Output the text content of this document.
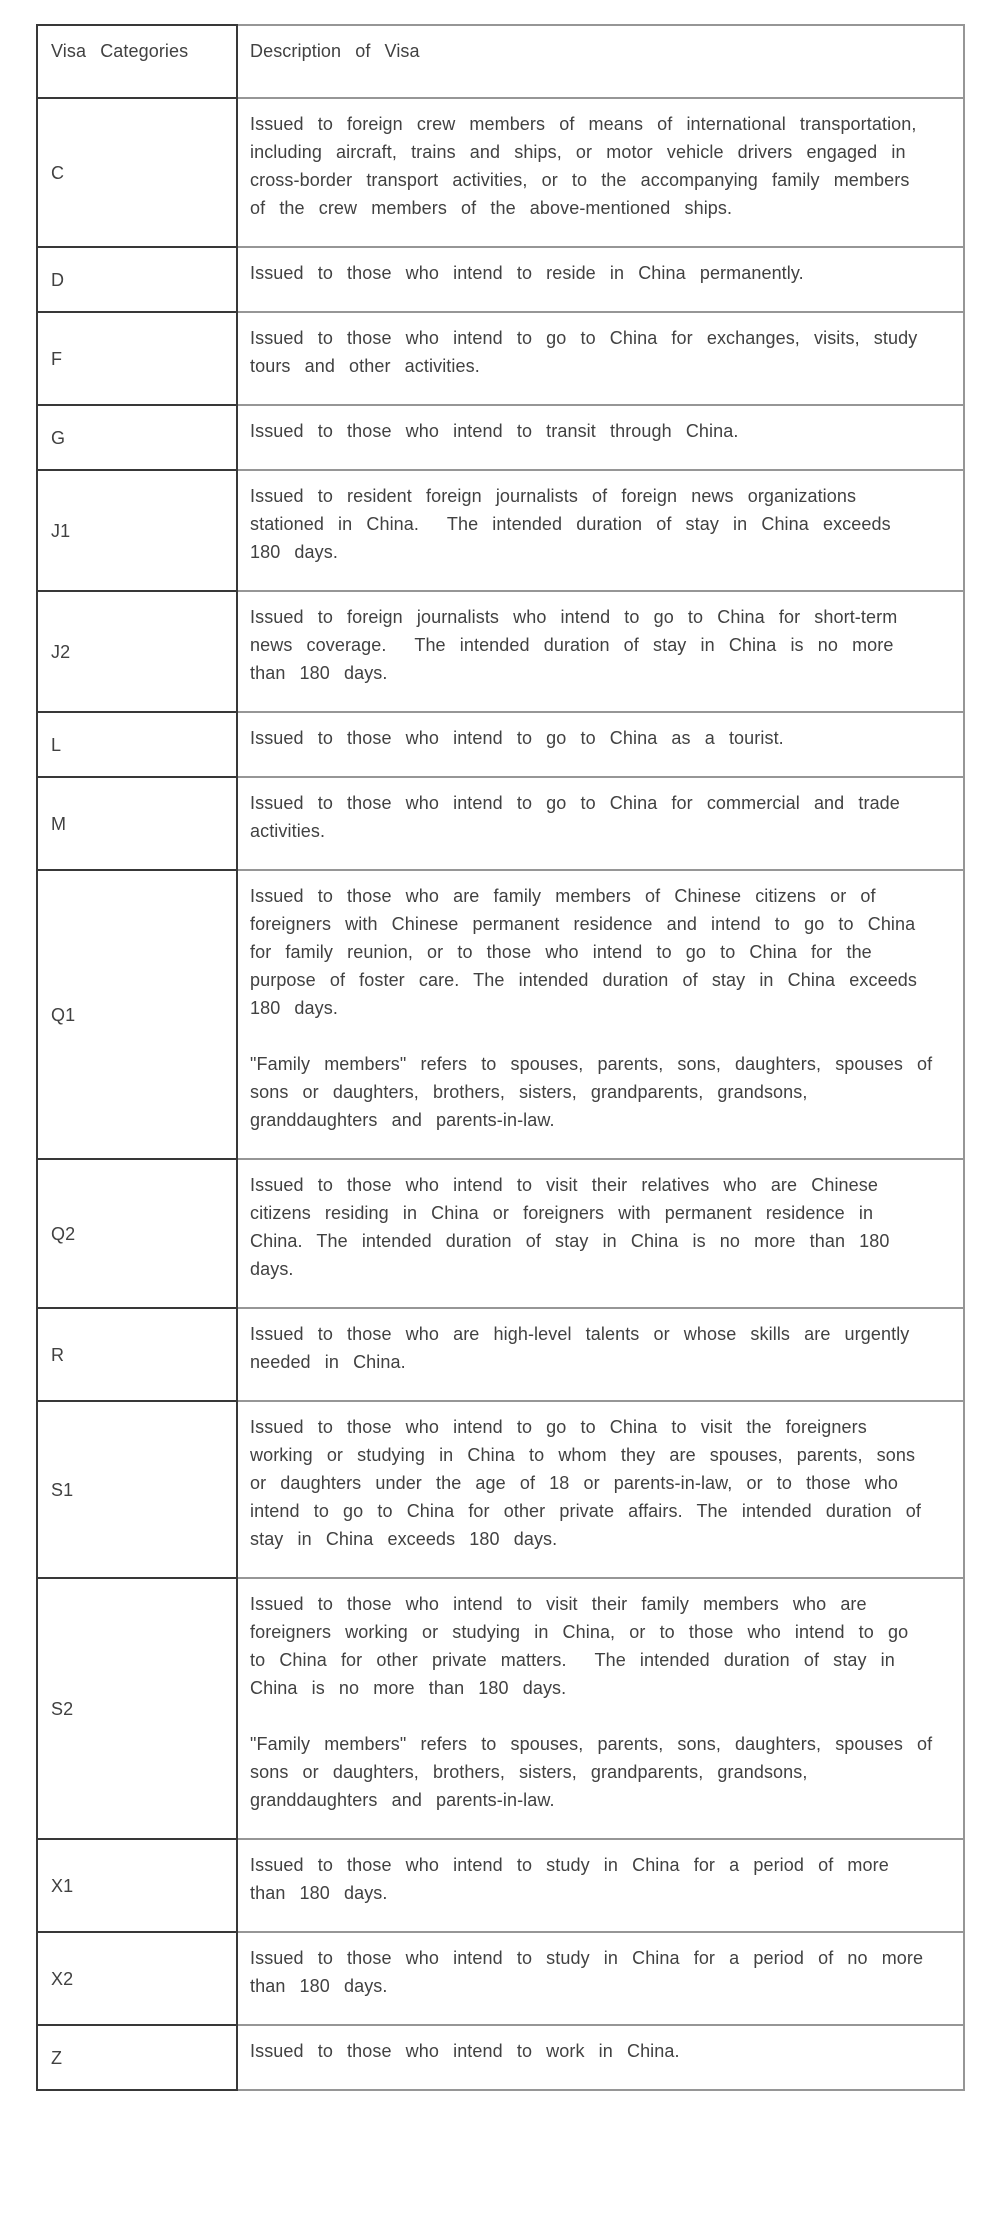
Visa Categories	Description of Visa
C	Issued to foreign crew members of means of international transportation, including aircraft, trains and ships, or motor vehicle drivers engaged in cross-border transport activities, or to the accompanying family members of the crew members of the above-mentioned ships.

D	Issued to those who intend to reside in China permanently.

F	Issued to those who intend to go to China for exchanges, visits, study tours and other activities.

G	Issued to those who intend to transit through China.

J1	Issued to resident foreign journalists of foreign news organizations stationed in China.  The intended duration of stay in China exceeds 180 days.

J2	Issued to foreign journalists who intend to go to China for short-term news coverage.  The intended duration of stay in China is no more than 180 days.

L	Issued to those who intend to go to China as a tourist.

M	Issued to those who intend to go to China for commercial and trade activities.

Q1	Issued to those who are family members of Chinese citizens or of foreigners with Chinese permanent residence and intend to go to China for family reunion, or to those who intend to go to China for the purpose of foster care. The intended duration of stay in China exceeds 180 days.

"Family members" refers to spouses, parents, sons, daughters, spouses of sons or daughters, brothers, sisters, grandparents, grandsons, granddaughters and parents-in-law.

Q2	Issued to those who intend to visit their relatives who are Chinese citizens residing in China or foreigners with permanent residence in China. The intended duration of stay in China is no more than 180 days.

R	Issued to those who are high-level talents or whose skills are urgently needed in China.

S1	Issued to those who intend to go to China to visit the foreigners working or studying in China to whom they are spouses, parents, sons or daughters under the age of 18 or parents-in-law, or to those who intend to go to China for other private affairs. The intended duration of stay in China exceeds 180 days.

S2	Issued to those who intend to visit their family members who are foreigners working or studying in China, or to those who intend to go to China for other private matters.  The intended duration of stay in China is no more than 180 days.

"Family members" refers to spouses, parents, sons, daughters, spouses of sons or daughters, brothers, sisters, grandparents, grandsons, granddaughters and parents-in-law.

X1	Issued to those who intend to study in China for a period of more than 180 days.

X2	Issued to those who intend to study in China for a period of no more than 180 days.

Z	Issued to those who intend to work in China.
